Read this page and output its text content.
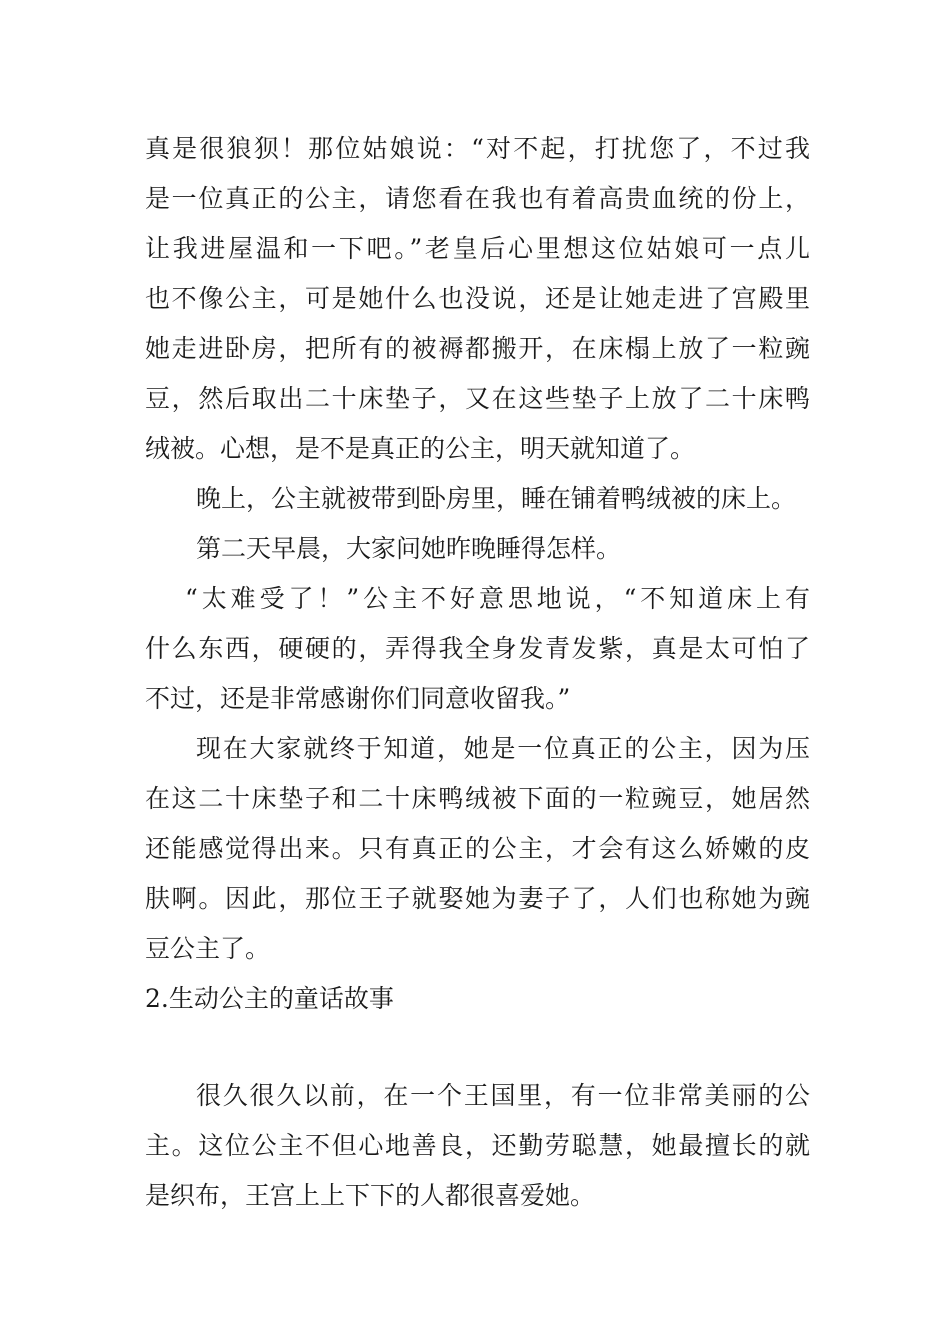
真是很狼狈！那位姑娘说：“对不起，打扰您了，不过我
是一位真正的公主，请您看在我也有着高贵血统的份上，
让我进屋温和一下吧。”老皇后心里想这位姑娘可一点儿
也不像公主，可是她什么也没说，还是让她走进了宫殿里
她走进卧房，把所有的被褥都搬开，在床榻上放了一粒豌
豆，然后取出二十床垫子，又在这些垫子上放了二十床鸭
绒被。心想，是不是真正的公主，明天就知道了。
晚上，公主就被带到卧房里，睡在铺着鸭绒被的床上。
第二天早晨，大家问她昨晚睡得怎样。
“太难受了！”公主不好意思地说，“不知道床上有
什么东西，硬硬的，弄得我全身发青发紫，真是太可怕了
不过，还是非常感谢你们同意收留我。”
现在大家就终于知道，她是一位真正的公主，因为压
在这二十床垫子和二十床鸭绒被下面的一粒豌豆，她居然
还能感觉得出来。只有真正的公主，才会有这么娇嫩的皮
肤啊。因此，那位王子就娶她为妻子了，人们也称她为豌
豆公主了。
2.生动公主的童话故事
很久很久以前，在一个王国里，有一位非常美丽的公
主。这位公主不但心地善良，还勤劳聪慧，她最擅长的就
是织布，王宫上上下下的人都很喜爱她。
